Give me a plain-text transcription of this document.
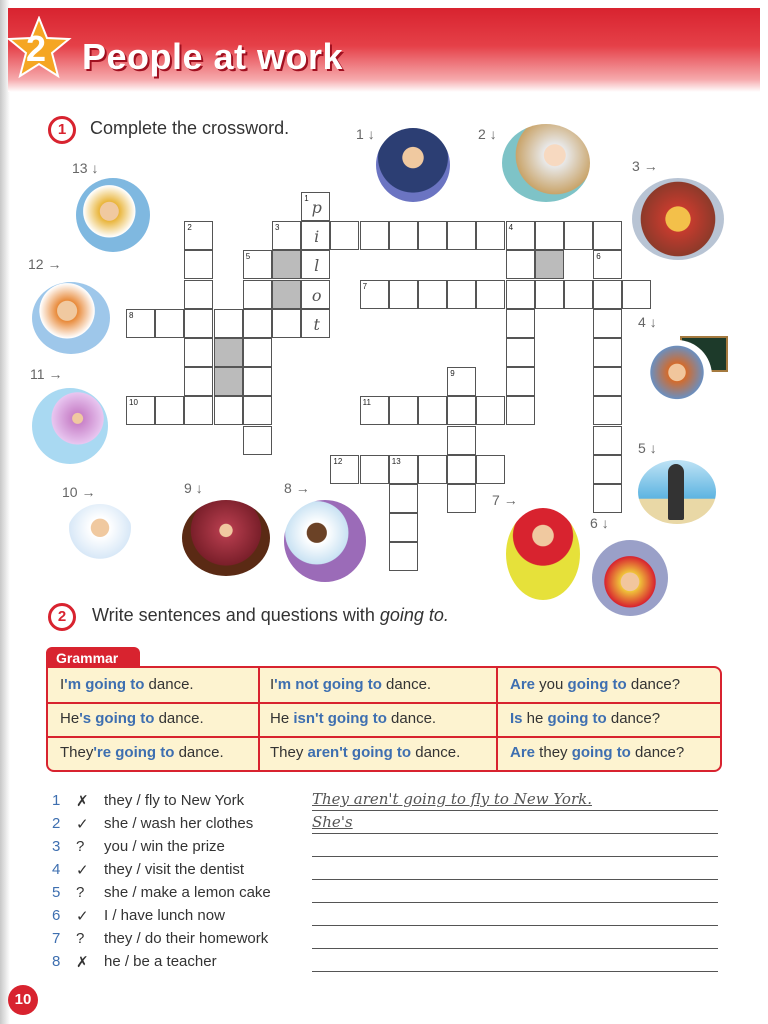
2 People at work
1	Complete the crossword.
1 p
i
l
o
t
2	3	4
5	6
7
8
10	11
9
12	13
1 ↓	2 ↓
3 →
4 ↓
5 ↓
6 ↓
7 →
8 →
9 ↓
10 →
11 →
12 →
13 ↓
2	Write sentences and questions with going to.
Grammar
I'm going to dance.	I'm not going to dance.	Are you going to dance?
He's going to dance.	He isn't going to dance.	Is he going to dance?
They're going to dance.	They aren't going to dance.	Are they going to dance?
1	✗ they / fly to New York	They aren't going to fly to New York.
2	✓ she / wash her clothes	She's
3	?	you / win the prize
4	✓ they / visit the dentist
5	?	she / make a lemon cake
6	✓ I / have lunch now
7	?	they / do their homework
8	✗ he / be a teacher
10
